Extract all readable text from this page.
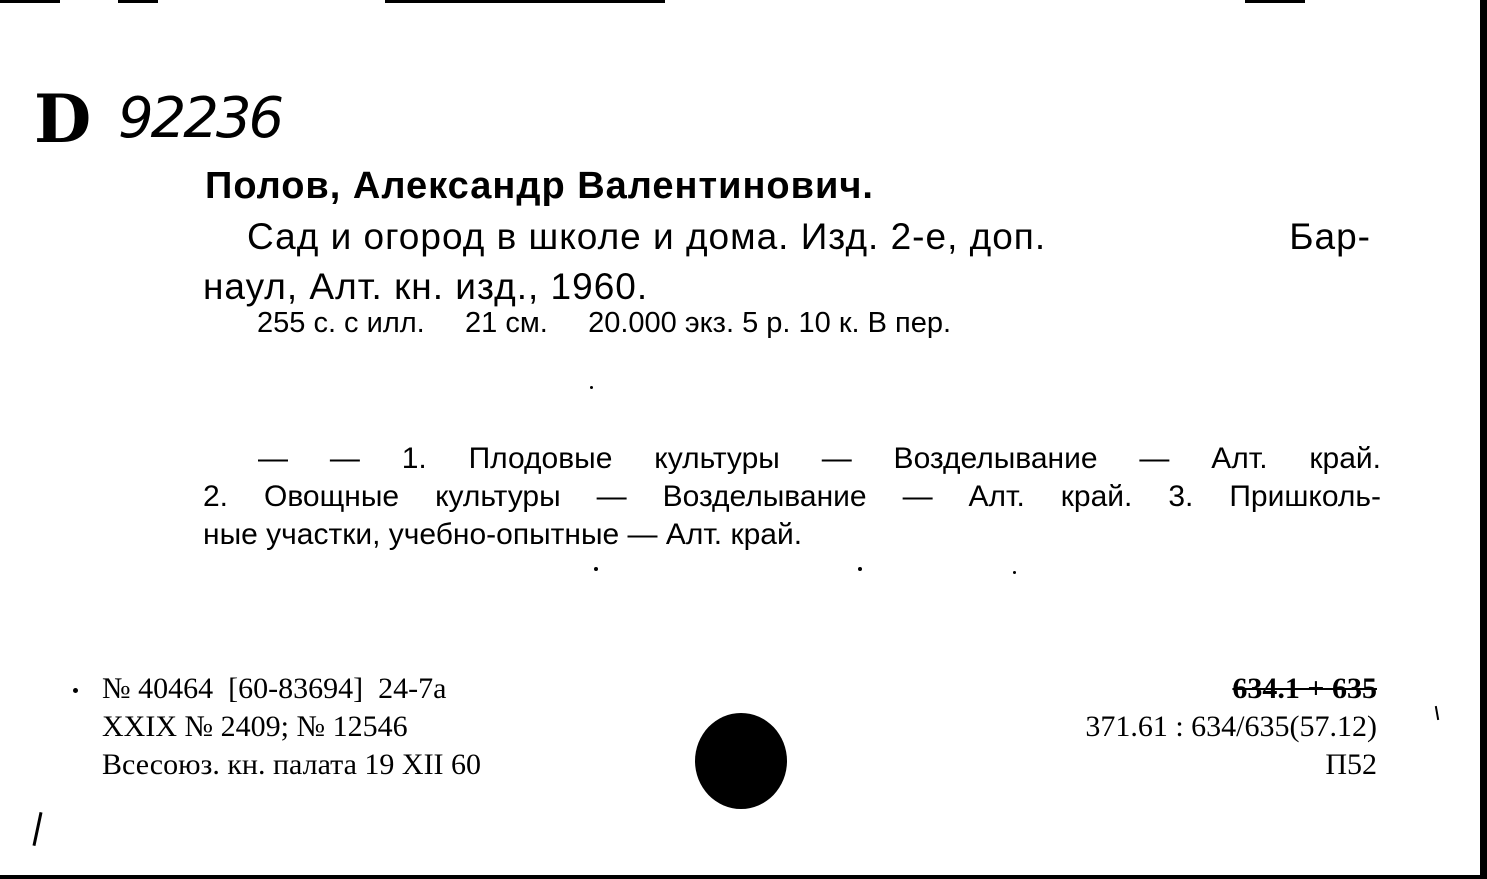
D 92236
Полов, Александр Валентинович.
Сад и огород в школе и дома. Изд. 2-е, доп.	Бар-
наул, Алт. кн. изд., 1960.
255 с. с илл.     21 см.     20.000 экз. 5 р. 10 к. В пер.
— — 1. Плодовые культуры — Возделывание — Алт. край.
2. Овощные культуры — Возделывание — Алт. край. 3. Пришколь-
ные участки, учебно-опытные — Алт. край.
№ 40464  [60-83694]  24-7а
XXIX № 2409; № 12546
Всесоюз. кн. палата 19 XII 60
634.1 + 635
371.61 : 634/635(57.12)
П52
